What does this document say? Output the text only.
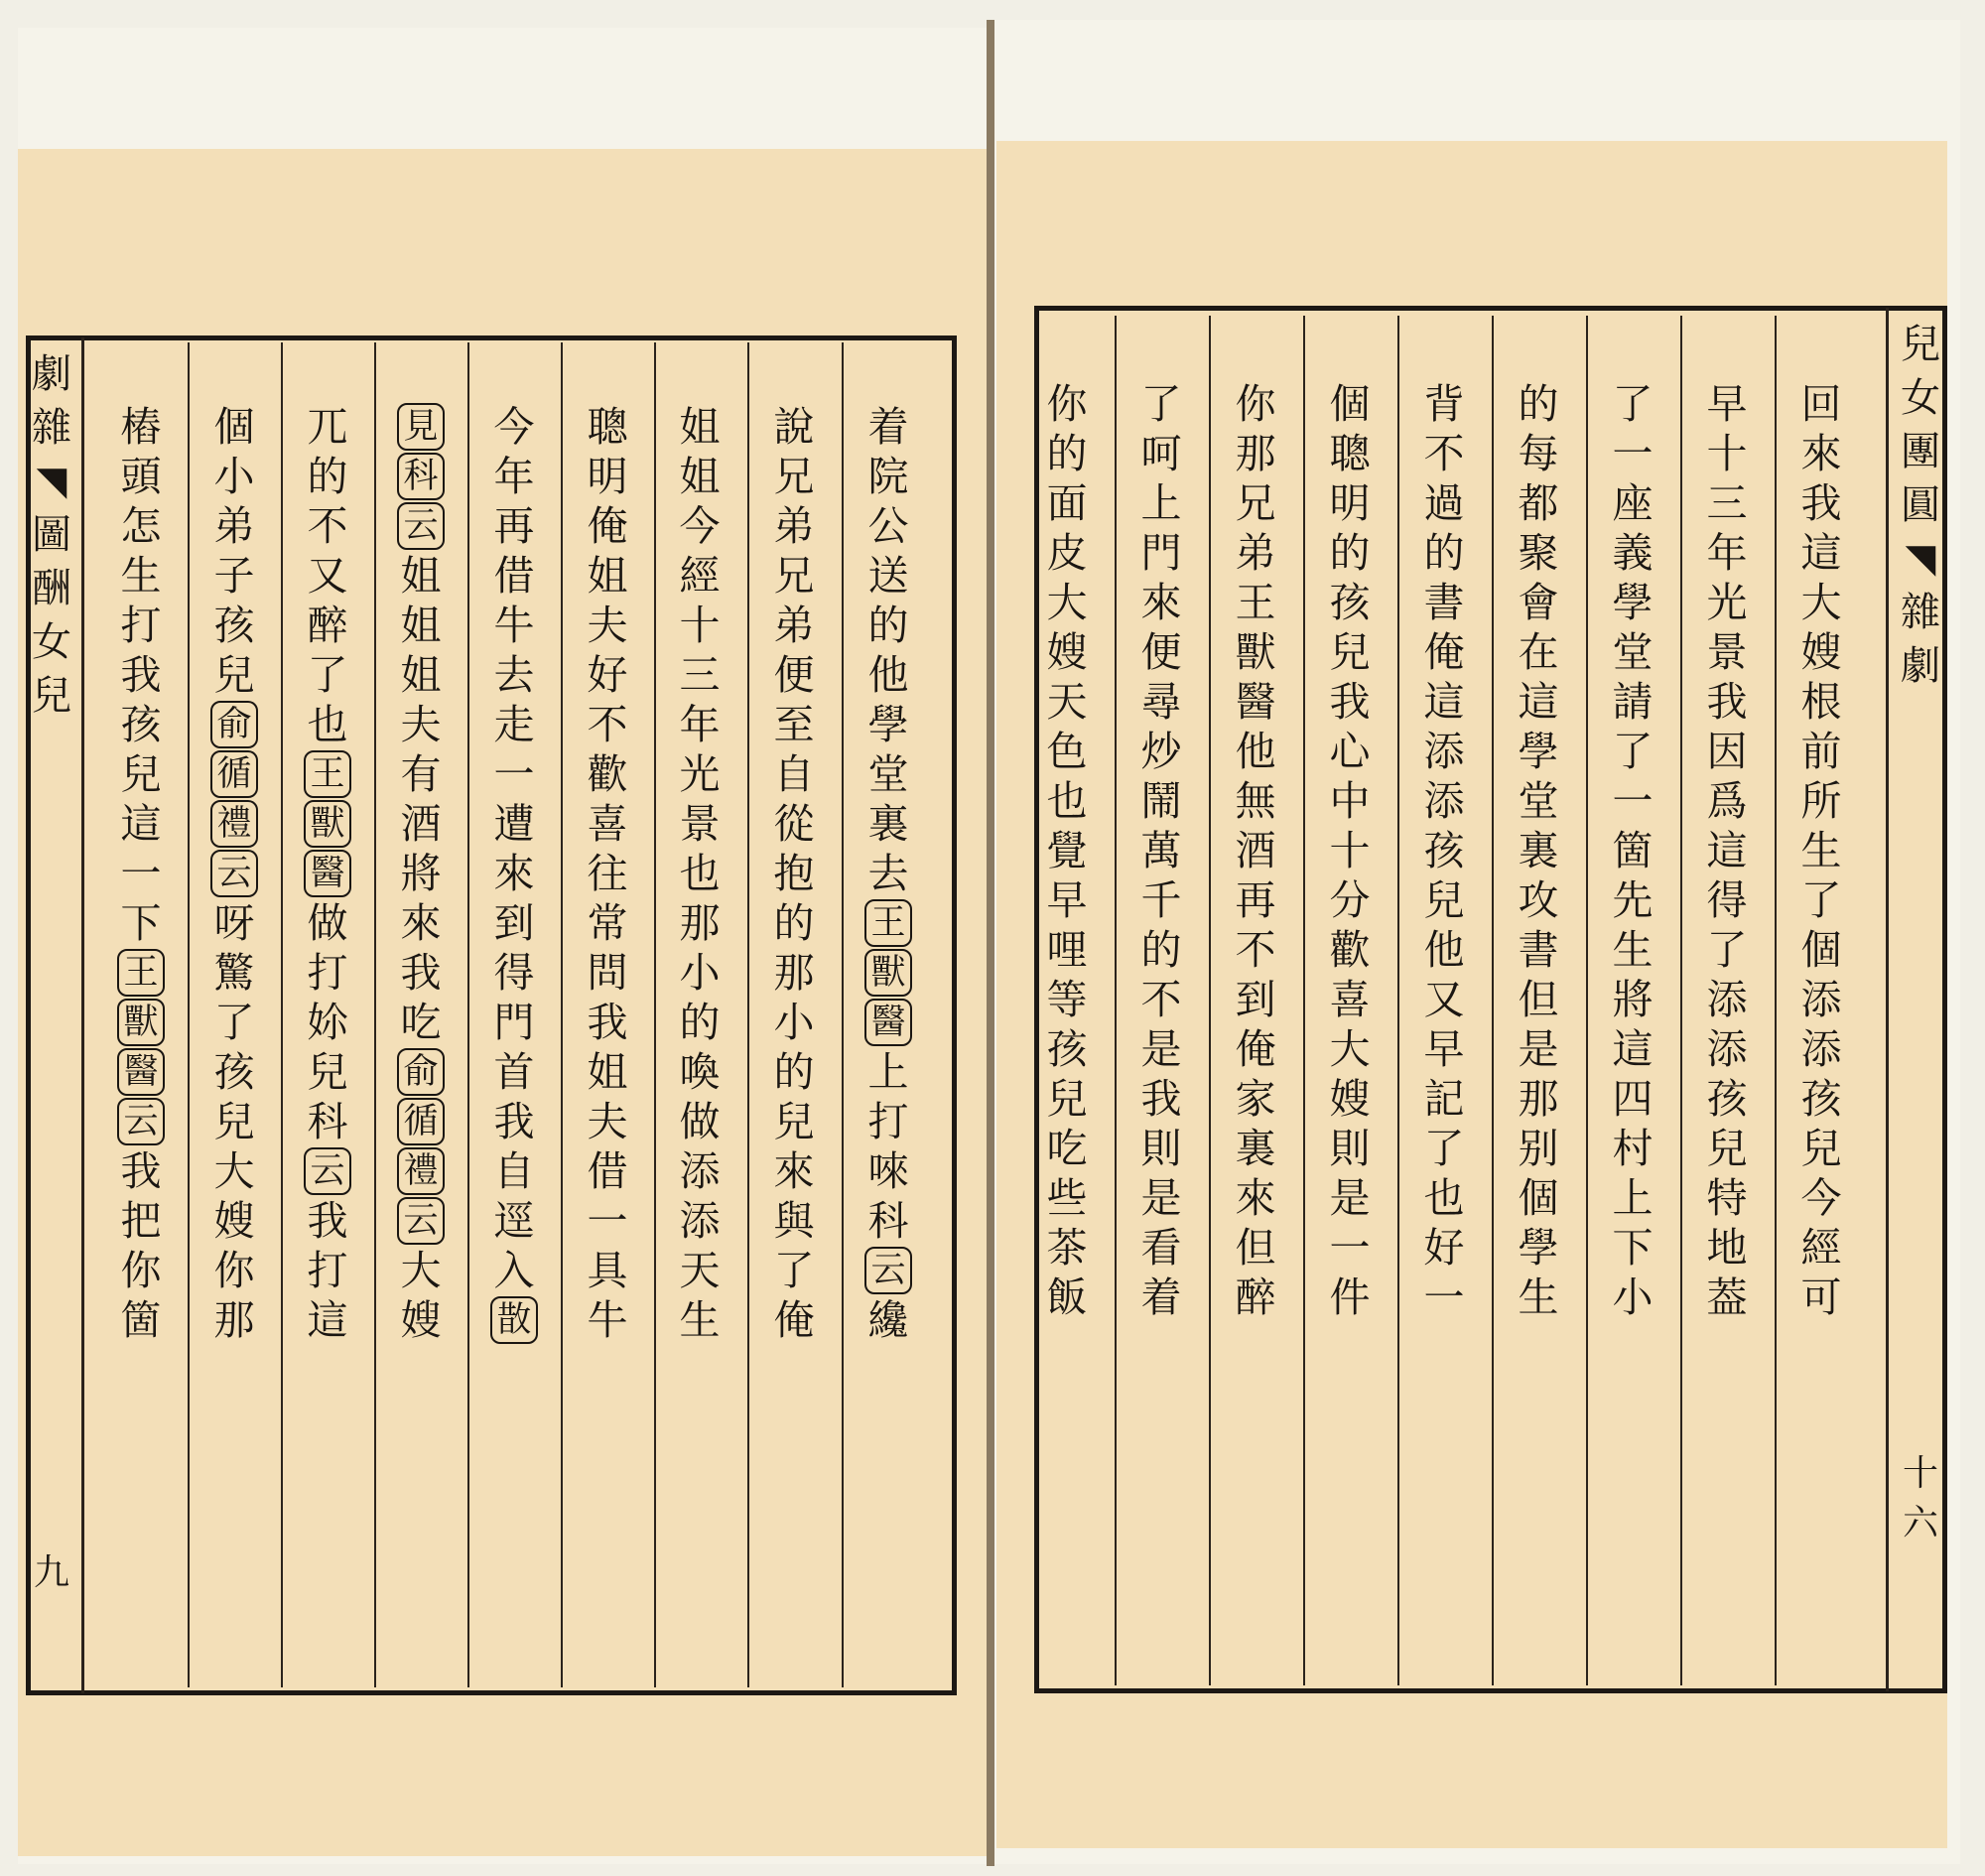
劇
雜
◥
圖
酬
女
兒
九
着
院
公
送
的
他
學
堂
裏
去
王
獸
醫
上
打
唻
科
云
纔
說
兄
弟
兄
弟
便
至
自
從
抱
的
那
小
的
兒
來
與
了
俺
姐
姐
今
經
十
三
年
光
景
也
那
小
的
喚
做
添
添
天
生
聰
明
俺
姐
夫
好
不
歡
喜
往
常
問
我
姐
夫
借
一
具
牛
今
年
再
借
牛
去
走
一
遭
來
到
得
門
首
我
自
逕
入
㪚
見
科
云
姐
姐
姐
夫
有
酒
將
來
我
吃
俞
循
禮
云
大
嫂
兀
的
不
又
醉
了
也
王
獸
醫
做
打
㚷
兒
科
云
我
打
這
個
小
弟
子
孩
兒
俞
循
禮
云
呀
驚
了
孩
兒
大
嫂
你
那
樁
頭
怎
生
打
我
孩
兒
這
一
下
王
獸
醫
云
我
把
你
箇
兒
女
團
圓
◥
雜
劇
十六
回
來
我
這
大
嫂
根
前
所
生
了
個
添
添
孩
兒
今
經
可
早
十
三
年
光
景
我
因
爲
這
得
了
添
添
孩
兒
特
地
葢
了
一
座
義
學
堂
請
了
一
箇
先
生
將
這
四
村
上
下
小
的
每
都
聚
會
在
這
學
堂
裏
攻
書
但
是
那
别
個
學
生
背
不
過
的
書
俺
這
添
添
孩
兒
他
又
早
記
了
也
好
一
個
聰
明
的
孩
兒
我
心
中
十
分
歡
喜
大
嫂
則
是
一
件
你
那
兄
弟
王
獸
醫
他
無
酒
再
不
到
俺
家
裏
來
但
醉
了
呵
上
門
來
便
尋
炒
鬧
萬
千
的
不
是
我
則
是
看
着
你
的
面
皮
大
嫂
天
色
也
覺
早
哩
等
孩
兒
吃
些
茶
飯
